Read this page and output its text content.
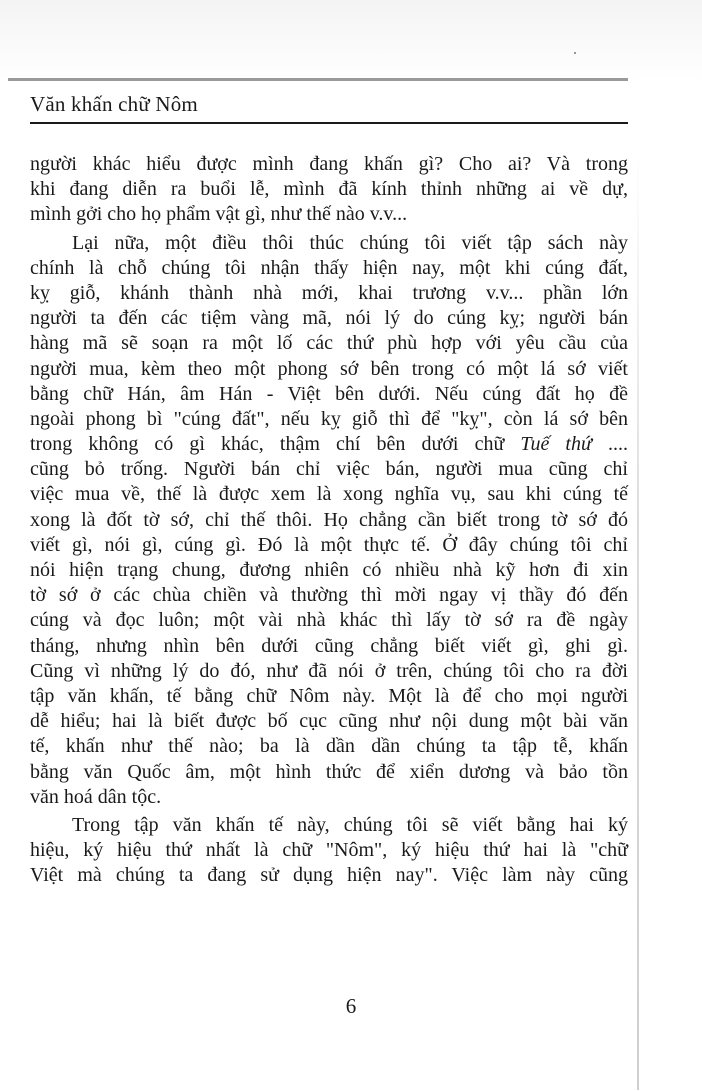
Văn khấn chữ Nôm
người khác hiểu được mình đang khấn gì? Cho ai? Và trong
khi đang diễn ra buổi lễ, mình đã kính thỉnh những ai về dự,
mình gởi cho họ phẩm vật gì, như thế nào v.v...
Lại nữa, một điều thôi thúc chúng tôi viết tập sách này
chính là chỗ chúng tôi nhận thấy hiện nay, một khi cúng đất,
kỵ giỗ, khánh thành nhà mới, khai trương v.v... phần lớn
người ta đến các tiệm vàng mã, nói lý do cúng kỵ; người bán
hàng mã sẽ soạn ra một lố các thứ phù hợp với yêu cầu của
người mua, kèm theo một phong sớ bên trong có một lá sớ viết
bằng chữ Hán, âm Hán - Việt bên dưới. Nếu cúng đất họ đề
ngoài phong bì "cúng đất", nếu kỵ giỗ thì để "kỵ", còn lá sớ bên
trong không có gì khác, thậm chí bên dưới chữ Tuế thứ ....
cũng bỏ trống. Người bán chỉ việc bán, người mua cũng chỉ
việc mua về, thế là được xem là xong nghĩa vụ, sau khi cúng tế
xong là đốt tờ sớ, chỉ thế thôi. Họ chẳng cần biết trong tờ sớ đó
viết gì, nói gì, cúng gì. Đó là một thực tế. Ở đây chúng tôi chỉ
nói hiện trạng chung, đương nhiên có nhiều nhà kỹ hơn đi xin
tờ sớ ở các chùa chiền và thường thì mời ngay vị thầy đó đến
cúng và đọc luôn; một vài nhà khác thì lấy tờ sớ ra đề ngày
tháng, nhưng nhìn bên dưới cũng chẳng biết viết gì, ghi gì.
Cũng vì những lý do đó, như đã nói ở trên, chúng tôi cho ra đời
tập văn khấn, tế bằng chữ Nôm này. Một là để cho mọi người
dễ hiểu; hai là biết được bố cục cũng như nội dung một bài văn
tế, khấn như thế nào; ba là dần dần chúng ta tập tễ, khấn
bằng văn Quốc âm, một hình thức để xiển dương và bảo tồn
văn hoá dân tộc.
Trong tập văn khấn tế này, chúng tôi sẽ viết bằng hai ký
hiệu, ký hiệu thứ nhất là chữ "Nôm", ký hiệu thứ hai là "chữ
Việt mà chúng ta đang sử dụng hiện nay". Việc làm này cũng
6
